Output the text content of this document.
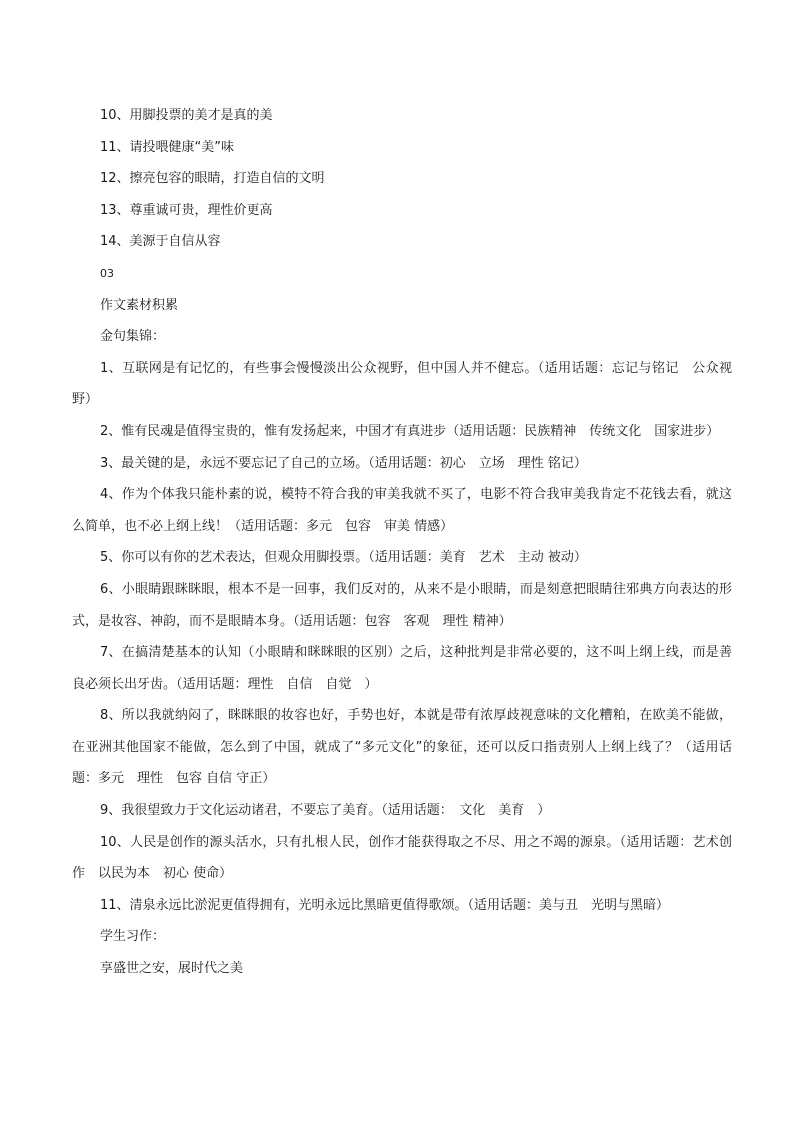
10、用脚投票的美才是真的美
11、请投喂健康“美”味
12、擦亮包容的眼睛，打造自信的文明
13、尊重诚可贵，理性价更高
14、美源于自信从容
03
作文素材积累
金句集锦：
1、互联网是有记忆的，有些事会慢慢淡出公众视野，但中国人并不健忘。（适用话题：忘记与铭记　公众视野）
2、惟有民魂是值得宝贵的，惟有发扬起来，中国才有真进步（适用话题：民族精神　传统文化　国家进步）
3、最关键的是，永远不要忘记了自己的立场。（适用话题：初心　立场　理性 铭记）
4、作为个体我只能朴素的说，模特不符合我的审美我就不买了，电影不符合我审美我肯定不花钱去看，就这么简单，也不必上纲上线！（适用话题：多元　包容　审美 情感）
5、你可以有你的艺术表达，但观众用脚投票。（适用话题：美育　艺术　主动 被动）
6、小眼睛跟眯眯眼，根本不是一回事，我们反对的，从来不是小眼睛，而是刻意把眼睛往邪典方向表达的形式，是妆容、神韵，而不是眼睛本身。（适用话题：包容　客观　理性 精神）
7、在搞清楚基本的认知（小眼睛和眯眯眼的区别）之后，这种批判是非常必要的，这不叫上纲上线，而是善良必须长出牙齿。（适用话题：理性　自信　自觉　）
8、所以我就纳闷了，眯眯眼的妆容也好，手势也好，本就是带有浓厚歧视意味的文化糟粕，在欧美不能做，在亚洲其他国家不能做，怎么到了中国，就成了“多元文化”的象征，还可以反口指责别人上纲上线了？（适用话题：多元　理性　包容 自信 守正）
9、我很望致力于文化运动诸君，不要忘了美育。（适用话题：　文化　美育　）
10、人民是创作的源头活水，只有扎根人民，创作才能获得取之不尽、用之不竭的源泉。（适用话题：艺术创作　以民为本　初心 使命）
11、清泉永远比淤泥更值得拥有，光明永远比黑暗更值得歌颂。（适用话题：美与丑　光明与黑暗）
学生习作：
享盛世之安，展时代之美
